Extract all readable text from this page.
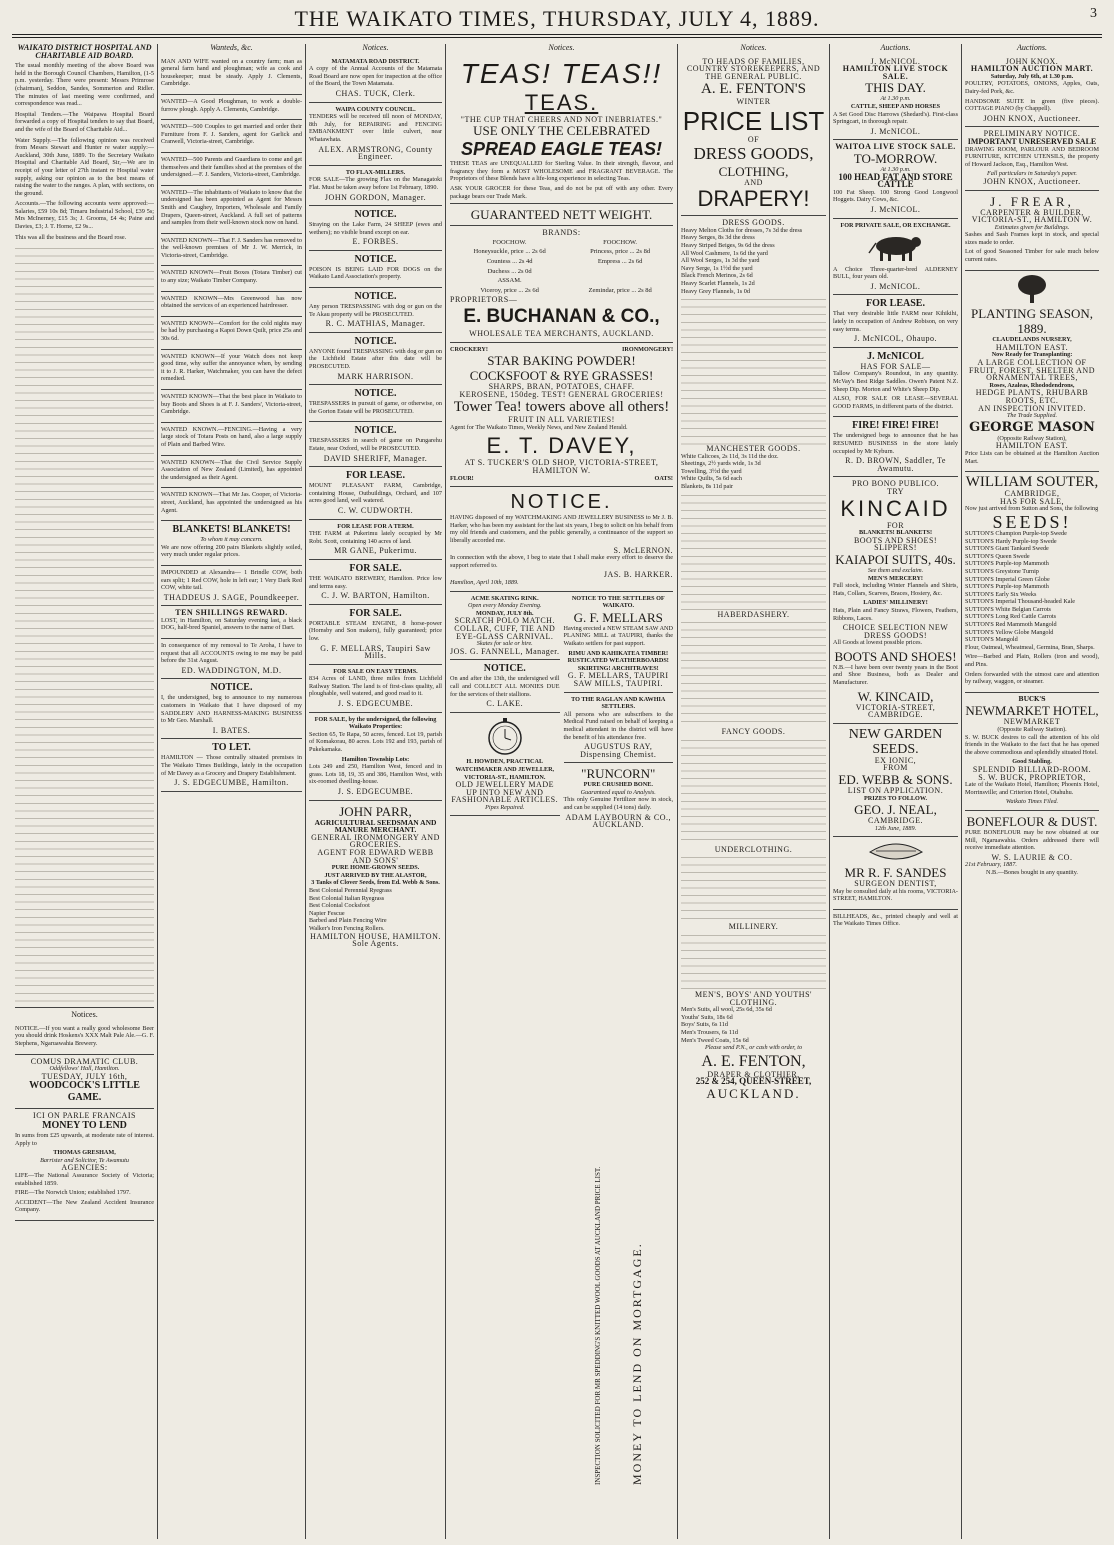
THE WAIKATO TIMES, THURSDAY, JULY 4, 1889.	3
WAIKATO DISTRICT HOSPITAL AND CHARITABLE AID BOARD.

The usual monthly meeting of the above Board was held in the Borough Council Chambers, Hamilton, (1-5 p.m. yesterday. There were present: Messrs Primrose (chairman), Seddon, Sandes, Sommerton and Ridler. The minutes of last meeting were confirmed, and correspondence was read...

Hospital Tenders.—The Waipawa Hospital Board forwarded a copy of Hospital tenders to say that Board, and the wife of the Board of Charitable Aid...

Water Supply.—The following opinion was received from Messrs Stewart and Hunter re water supply:—Auckland, 30th June, 1889. To the Secretary Waikato Hospital and Charitable Aid Board, Sir,—We are in receipt of your letter of 27th instant re Hospital water supply, asking our opinion as to the best means of raising the water to the ranges. A plan, with sections, on the ground.

Accounts.—The following accounts were approved:—Salaries, £59 10s 8d; Timaru Industrial School, £39 5s; Mrs McInerney, £15 3s; J. Grooms, £4 4s; Paine and Davies, £3; J. T. Horne, £2 9s...

This was all the business and the Board rose.

Notices.

NOTICE.—If you want a really good wholesome Beer you should drink Hoskens's XXX Malt Pale Ale.—G. F. Stephens, Ngaruawahia Brewery.

COMUS DRAMATIC CLUB.
Oddfellows' Hall, Hamilton.
TUESDAY, JULY 16th,
WOODCOCK'S LITTLE GAME.
ICI ON PARLE FRANCAIS
MONEY TO LEND

In sums from £25 upwards, at moderate rate of interest. Apply to

THOMAS GRESHAM,
Barrister and Solicitor, Te Awamutu
AGENCIES:

LIFE—The National Assurance Society of Victoria; established 1859.

FIRE—The Norwich Union; established 1797.

ACCIDENT—The New Zealand Accident Insurance Company.

Wanteds, &c.

MAN AND WIFE wanted on a country farm; man as general farm hand and ploughman; wife as cook and housekeeper; must be steady. Apply J. Clements, Cambridge.

WANTED—A Good Ploughman, to work a double-furrow plough. Apply A. Clements, Cambridge.

WANTED—500 Couples to get married and order their Furniture from F. J. Sanders, agent for Garlick and Cranwell, Victoria-street, Cambridge.

WANTED—500 Parents and Guardians to come and get themselves and their families shod at the premises of the undersigned.—F. J. Sanders, Victoria-street, Cambridge.

WANTED—The inhabitants of Waikato to know that the undersigned has been appointed as Agent for Messrs Smith and Caughey, Importers, Wholesale and Family Drapers, Queen-street, Auckland. A full set of patterns and samples from their well-known stock now on hand.

WANTED KNOWN—That F. J. Sanders has removed to the well-known premises of Mr J. W. Merrick, in Victoria-street, Cambridge.

WANTED KNOWN—Fruit Boxes (Totara Timber) cut to any size; Waikato Timber Company.

WANTED KNOWN—Mrs Greenwood has now obtained the services of an experienced hairdresser.

WANTED KNOWN—Comfort for the cold nights may be had by purchasing a Kapoi Down Quilt, price 25s and 30s 6d.

WANTED KNOWN—If your Watch does not keep good time, why suffer the annoyance when, by sending it to J. R. Harker, Watchmaker, you can have the defect remedied.

WANTED KNOWN—That the best place in Waikato to buy Boots and Shoes is at F. J. Sanders', Victoria-street, Cambridge.

WANTED KNOWN.—FENCING.—Having a very large stock of Totara Posts on hand, also a large supply of Plain and Barbed Wire.

WANTED KNOWN—That the Civil Service Supply Association of New Zealand (Limited), has appointed the undersigned as their Agent.

WANTED KNOWN—That Mr Jas. Cooper, of Victoria-street, Auckland, has appointed the undersigned as his Agent.

BLANKETS! BLANKETS!
To whom it may concern.

We are now offering 200 pairs Blankets slightly soiled, very much under regular prices.

IMPOUNDED at Alexandra— 1 Brindle COW, both ears split; 1 Red COW, hole in left ear; 1 Very Dark Red COW, white tail.

THADDEUS J. SAGE, Poundkeeper.
TEN SHILLINGS REWARD.

LOST, in Hamilton, on Saturday evening last, a black DOG, half-bred Spaniel, answers to the name of Dart.

In consequence of my removal to Te Aroha, I have to request that all ACCOUNTS owing to me may be paid before the 31st August.

ED. WADDINGTON, M.D.
NOTICE.

I, the undersigned, beg to announce to my numerous customers in Waikato that I have disposed of my SADDLERY AND HARNESS-MAKING BUSINESS to Mr Geo. Marshall.

I. BATES.
TO LET.

HAMILTON — Those centrally situated premises in The Waikato Times Buildings, lately in the occupation of Mr Davey as a Grocery and Drapery Establishment.

J. S. EDGECUMBE, Hamilton.
Notices.
MATAMATA ROAD DISTRICT.

A copy of the Annual Accounts of the Matamata Road Board are now open for inspection at the office of the Board, the Town Matamata.

CHAS. TUCK, Clerk.
WAIPA COUNTY COUNCIL.

TENDERS will be received till noon of MONDAY, 8th July, for REPAIRING and FENCING EMBANKMENT over little culvert, near Whatawhata.

ALEX. ARMSTRONG, County Engineer.
TO FLAX-MILLERS.

FOR SALE—The growing Flax on the Managatoki Flat. Must be taken away before 1st February, 1890.

JOHN GORDON, Manager.
NOTICE.

Straying on the Lake Farm, 24 SHEEP (ewes and wethers); no visible brand except on ear.

E. FORBES.
NOTICE.

POISON IS BEING LAID FOR DOGS on the Waikato Land Association's property.

NOTICE.

Any person TRESPASSING with dog or gun on the Te Akau property will be PROSECUTED.

R. C. MATHIAS, Manager.
NOTICE.

ANYONE found TRESPASSING with dog or gun on the Lichfield Estate after this date will be PROSECUTED.

MARK HARRISON.
NOTICE.

TRESPASSERS in pursuit of game, or otherwise, on the Gorton Estate will be PROSECUTED.

NOTICE.

TRESPASSERS in search of game on Pungarehu Estate, near Oxford, will be PROSECUTED.

DAVID SHERIFF, Manager.
FOR LEASE.

MOUNT PLEASANT FARM, Cambridge, containing House, Outbuildings, Orchard, and 107 acres good land, well watered.

C. W. CUDWORTH.
FOR LEASE FOR A TERM.

THE FARM at Pukerimu lately occupied by Mr Robt. Scott, containing 140 acres of land.

MR GANE, Pukerimu.
FOR SALE.

THE WAIKATO BREWERY, Hamilton. Price low and terms easy.

C. J. W. BARTON, Hamilton.
FOR SALE.

PORTABLE STEAM ENGINE, 8 horse-power (Hornsby and Son makers), fully guaranteed; price low.

G. F. MELLARS, Taupiri Saw Mills.
FOR SALE ON EASY TERMS.

834 Acres of LAND, three miles from Lichfield Railway Station. The land is of first-class quality, all ploughable, well watered, and good road to it.

J. S. EDGECUMBE.
FOR SALE, by the undersigned, the following
Waikato Properties:

Section 65, Te Rapa, 50 acres, fenced. Lot 19, parish of Komakorau, 80 acres. Lots 192 and 193, parish of Pukekamaka.

Hamilton Township Lots:

Lots 249 and 250, Hamilton West, fenced and in grass. Lots 18, 19, 35 and 386, Hamilton West, with six-roomed dwelling-house.

J. S. EDGECUMBE.
JOHN PARR,
AGRICULTURAL SEEDSMAN AND MANURE MERCHANT.
GENERAL IRONMONGERY AND GROCERIES.
AGENT FOR EDWARD WEBB AND SONS'
PURE HOME-GROWN SEEDS.
JUST ARRIVED BY THE ALASTOR,
3 Tanks of Clover Seeds, from Ed. Webb & Sons.
Best Colonial Perennial Ryegrass
Best Colonial Italian Ryegrass
Best Colonial Cocksfoot
Napier Fescue
Barbed and Plain Fencing Wire
Walker's Iron Fencing Rollers.
HAMILTON HOUSE, HAMILTON. Sole Agents.
Notices.
TEAS! TEAS!!
TEAS.
"THE CUP THAT CHEERS AND NOT INEBRIATES."
USE ONLY THE CELEBRATED
SPREAD EAGLE TEAS!

THESE TEAS are UNEQUALLED for Sterling Value. In their strength, flavour, and fragrancy they form a MOST WHOLESOME and FRAGRANT BEVERAGE. The Proprietors of these Blends have a life-long experience in selecting Teas.

ASK YOUR GROCER for these Teas, and do not be put off with any other. Every package bears our Trade Mark.

GUARANTEED NETT WEIGHT.
BRANDS:
FOOCHOW.	FOOCHOW.
Honeysuckle, price ... 2s 6d	Princess, price ... 2s 8d
Countess ... 2s 4d	Empress ... 2s 6d
Duchess ... 2s 0d	
ASSAM.	
Viceroy, price ... 2s 6d	Zemindar, price ... 2s 8d
PROPRIETORS—
E. BUCHANAN & CO.,
WHOLESALE TEA MERCHANTS, AUCKLAND.
CROCKERY!	IRONMONGERY!
STAR BAKING POWDER!
COCKSFOOT & RYE GRASSES!
SHARPS, BRAN, POTATOES, CHAFF.
KEROSENE, 150deg. TEST! GENERAL GROCERIES!
Tower Tea! towers above all others!
FRUIT IN ALL VARIETIES!

Agent for The Waikato Times, Weekly News, and New Zealand Herald.

E. T. DAVEY,
AT S. TUCKER'S OLD SHOP, VICTORIA-STREET, HAMILTON W.
FLOUR!	OATS!
NOTICE.

HAVING disposed of my WATCHMAKING AND JEWELLERY BUSINESS to Mr J. B. Harker, who has been my assistant for the last six years, I beg to solicit on his behalf from my old friends and customers, and the public generally, a continuance of the support so liberally accorded me.

S. McLERNON.

In connection with the above, I beg to state that I shall make every effort to deserve the support referred to.

JAS. B. HARKER.
Hamilton, April 10th, 1889.
ACME SKATING RINK.
Open every Monday Evening.
MONDAY, JULY 8th.
SCRATCH POLO MATCH.
COLLAR, CUFF, TIE AND EYE-GLASS CARNIVAL.
Skates for sale or hire.
JOS. G. FANNELL, Manager.
NOTICE.

On and after the 13th, the undersigned will call and COLLECT ALL MONIES DUE for the services of their stallions.

C. LAKE.
H. HOWDEN, PRACTICAL WATCHMAKER AND JEWELLER, VICTORIA-ST., HAMILTON.
OLD JEWELLERY MADE UP INTO NEW AND FASHIONABLE ARTICLES.
Pipes Repaired.
NOTICE TO THE SETTLERS OF WAIKATO.
G. F. MELLARS

Having erected a NEW STEAM SAW AND PLANING MILL at TAUPIRI, thanks the Waikato settlers for past support.

RIMU AND KAHIKATEA TIMBER!
RUSTICATED WEATHERBOARDS! SKIRTING! ARCHITRAVES!
G. F. MELLARS, TAUPIRI SAW MILLS, TAUPIRI.
TO THE RAGLAN AND KAWHIA SETTLERS.

All persons who are subscribers to the Medical Fund raised on behalf of keeping a medical attendant in the district will have the benefit of his attendance free.

AUGUSTUS RAY, Dispensing Chemist.
"RUNCORN"
PURE CRUSHED BONE.
Guaranteed equal to Analysis.

This only Genuine Fertilizer now in stock, and can be supplied (14 tons) daily.

ADAM LAYBOURN & CO., AUCKLAND.
Notices.
TO HEADS OF FAMILIES, COUNTRY STOREKEEPERS, AND THE GENERAL PUBLIC.
A. E. FENTON'S
WINTER
PRICE LIST
OF
DRESS GOODS,
CLOTHING,
AND
DRAPERY!
DRESS GOODS.
Heavy Melton Cloths for dresses, 7s 3d the dress
Heavy Serges, 8s 3d the dress
Heavy Striped Beiges, 9s 6d the dress
All Wool Cashmere, 1s 6d the yard
All Wool Serges, 1s 3d the yard
Navy Serge, 1s 1½d the yard
Black French Merinos, 2s 6d
Heavy Scarlet Flannels, 1s 2d
Heavy Grey Flannels, 1s 0d
MANCHESTER GOODS.
White Calicoes, 2s 11d, 3s 11d the doz.
Sheetings, 2½ yards wide, 1s 3d
Towelling, 3½d the yard
White Quilts, 5s 6d each
Blankets, 8s 11d pair
HABERDASHERY.
FANCY GOODS.
UNDERCLOTHING.
MILLINERY.
MEN'S, BOYS' AND YOUTHS' CLOTHING.
Men's Suits, all wool, 25s 6d, 35s 6d
Youths' Suits, 18s 6d
Boys' Suits, 6s 11d
Men's Trousers, 6s 11d
Men's Tweed Coats, 15s 6d
Please send P.N., or cash with order, to
A. E. FENTON,
DRAPER & CLOTHIER,
252 & 254, QUEEN-STREET,
AUCKLAND.
INSPECTION SOLICITED FOR MR SPEDDING'S KNITTED WOOL GOODS AT AUCKLAND PRICE LIST. MONEY TO LEND ON MORTGAGE.
Auctions.
J. McNICOL.
HAMILTON LIVE STOCK SALE.
THIS DAY.
At 1.30 p.m.
CATTLE, SHEEP AND HORSES

A Set Good Disc Harrows (Shedard's). First-class Springcart, in thorough repair.

J. McNICOL.
WAITOA LIVE STOCK SALE.
TO-MORROW.
At 1.30 p.m.
100 HEAD FAT AND STORE CATTLE

100 Fat Sheep. 100 Strong Good Longwool Hoggets. Dairy Cows, &c.

J. McNICOL.
FOR PRIVATE SALE, OR EXCHANGE.

A Choice Three-quarter-bred ALDERNEY BULL, four years old.

J. McNICOL.
FOR LEASE.

That very desirable little FARM near Kihikihi, lately in occupation of Andrew Robison, on very easy terms.

J. McNICOL, Ohaupo.
J. McNICOL
HAS FOR SALE—

Tallow Company's Roundout, in any quantity. McVay's Best Ridge Saddles. Owen's Patent N.Z. Sheep Dip. Morton and White's Sheep Dip.

ALSO, FOR SALE OR LEASE—SEVERAL GOOD FARMS, in different parts of the district.

FIRE! FIRE! FIRE!

The undersigned begs to announce that he has RESUMED BUSINESS in the store lately occupied by Mr Kyburn.

R. D. BROWN, Saddler, Te Awamutu.
PRO BONO PUBLICO.
TRY
KINCAID
FOR
BLANKETS! BLANKETS!
BOOTS AND SHOES! SLIPPERS!
KAIAPOI SUITS, 40s.
See them and exclaim.
MEN'S MERCERY!

Full stock, including Winter Flannels and Shirts, Hats, Collars, Scarves, Braces, Hosiery, &c.

LADIES' MILLINERY!

Hats, Plain and Fancy Straws, Flowers, Feathers, Ribbons, Laces.

CHOICE SELECTION NEW DRESS GOODS!

All Goods at lowest possible prices.

BOOTS AND SHOES!

N.B.—I have been over twenty years in the Boot and Shoe Business, both as Dealer and Manufacturer.

W. KINCAID,
VICTORIA-STREET, CAMBRIDGE.
NEW GARDEN SEEDS.
EX IONIC,
FROM
ED. WEBB & SONS.
LIST ON APPLICATION.
PRIZES TO FOLLOW.
GEO. J. NEAL,
CAMBRIDGE.
12th June, 1889.
MR R. F. SANDES
SURGEON DENTIST,

May be consulted daily at his rooms, VICTORIA-STREET, HAMILTON.

BILLHEADS, &c., printed cheaply and well at The Waikato Times Office.

Auctions.
JOHN KNOX.
HAMILTON AUCTION MART.
Saturday, July 6th, at 1.30 p.m.

POULTRY, POTATOES, ONIONS, Apples, Oats, Dairy-fed Pork, &c.

HANDSOME SUITE in green (five pieces). COTTAGE PIANO (by Chappell).

JOHN KNOX, Auctioneer.
PRELIMINARY NOTICE.
IMPORTANT UNRESERVED SALE

DRAWING ROOM, PARLOUR AND BEDROOM FURNITURE, KITCHEN UTENSILS, the property of Howard Jackson, Esq., Hamilton West.

Fall particulars in Saturday's paper.
JOHN KNOX, Auctioneer.
J. FREAR,
CARPENTER & BUILDER, VICTORIA-ST., HAMILTON W.
Estimates given for Buildings.

Sashes and Sash Frames kept in stock, and special sizes made to order.

Lot of good Seasoned Timber for sale much below current rates.

PLANTING SEASON, 1889.
CLAUDELANDS NURSERY,
HAMILTON EAST.
Now Ready for Transplanting:
A LARGE COLLECTION OF FRUIT, FOREST, SHELTER AND ORNAMENTAL TREES,
Roses, Azaleas, Rhododendrons,
HEDGE PLANTS, RHUBARB ROOTS, ETC.
AN INSPECTION INVITED.
The Trade Supplied.
GEORGE MASON
(Opposite Railway Station),
HAMILTON EAST.

Price Lists can be obtained at the Hamilton Auction Mart.

WILLIAM SOUTER,
CAMBRIDGE,
HAS FOR SALE,

Now just arrived from Sutton and Sons, the following

SEEDS!
SUTTON'S Champion Purple-top Swede
SUTTON'S Hardy Purple-top Swede
SUTTON'S Giant Tankard Swede
SUTTON'S Queen Swede
SUTTON'S Purple-top Mammoth
SUTTON'S Greystone Turnip
SUTTON'S Imperial Green Globe
SUTTON'S Purple-top Mammoth
SUTTON'S Early Six Weeks
SUTTON'S Imperial Thousand-headed Kale
SUTTON'S White Belgian Carrots
SUTTON'S Long Red Cattle Carrots
SUTTON'S Red Mammoth Mangold
SUTTON'S Yellow Globe Mangold
SUTTON'S Mangold

Flour, Oatmeal, Wheatmeal, Germina, Bran, Sharps.

Wire—Barbed and Plain, Rollers (iron and wood), and Pins.

Orders forwarded with the utmost care and attention by railway, waggon, or steamer.

BUCK'S
NEWMARKET HOTEL,
NEWMARKET
(Opposite Railway Station).

S. W. BUCK desires to call the attention of his old friends in the Waikato to the fact that he has opened the above commodious and splendidly situated Hotel.

Good Stabling.
SPLENDID BILLIARD-ROOM.
S. W. BUCK, PROPRIETOR,

Late of the Waikato Hotel, Hamilton; Phoenix Hotel, Morrinsville; and Criterion Hotel, Otahuhu.

Waikato Times Filed.
BONEFLOUR & DUST.

PURE BONEFLOUR may be now obtained at our Mill, Ngaruawahia. Orders addressed there will receive immediate attention.

W. S. LAURIE & CO.
21st February, 1887.
N.B.—Bones bought in any quantity.
